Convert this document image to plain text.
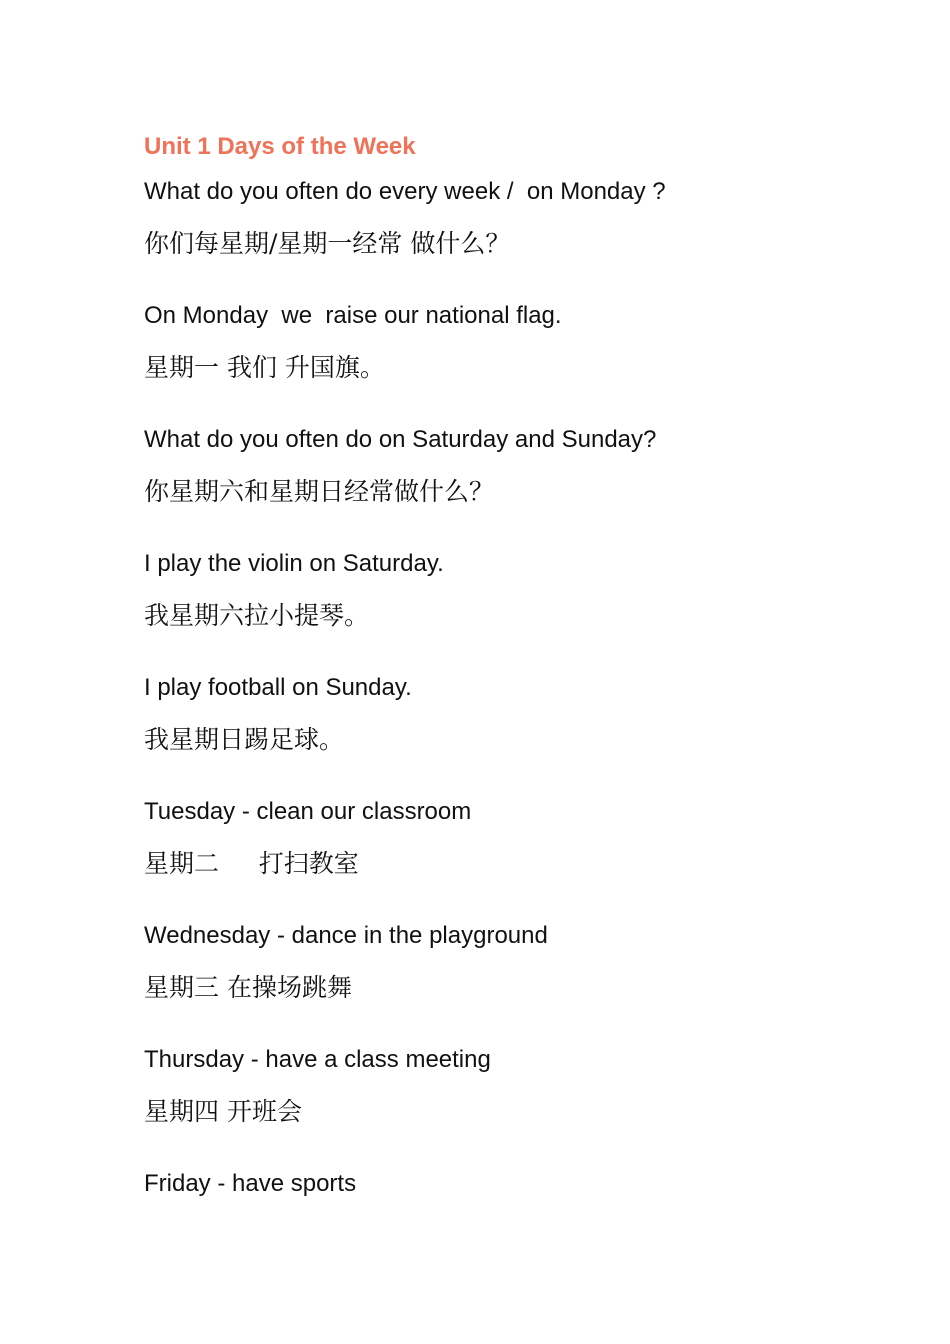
Unit 1 Days of the Week
What do you often do every week /  on Monday ?
你们每星期/星期一经常 做什么？
On Monday  we  raise our national flag.
星期一 我们 升国旗。
What do you often do on Saturday and Sunday?
你星期六和星期日经常做什么？
I play the violin on Saturday.
我星期六拉小提琴。
I play football on Sunday.
我星期日踢足球。
Tuesday - clean our classroom
星期二     打扫教室
Wednesday - dance in the playground
星期三 在操场跳舞
Thursday - have a class meeting
星期四 开班会
Friday - have sports
